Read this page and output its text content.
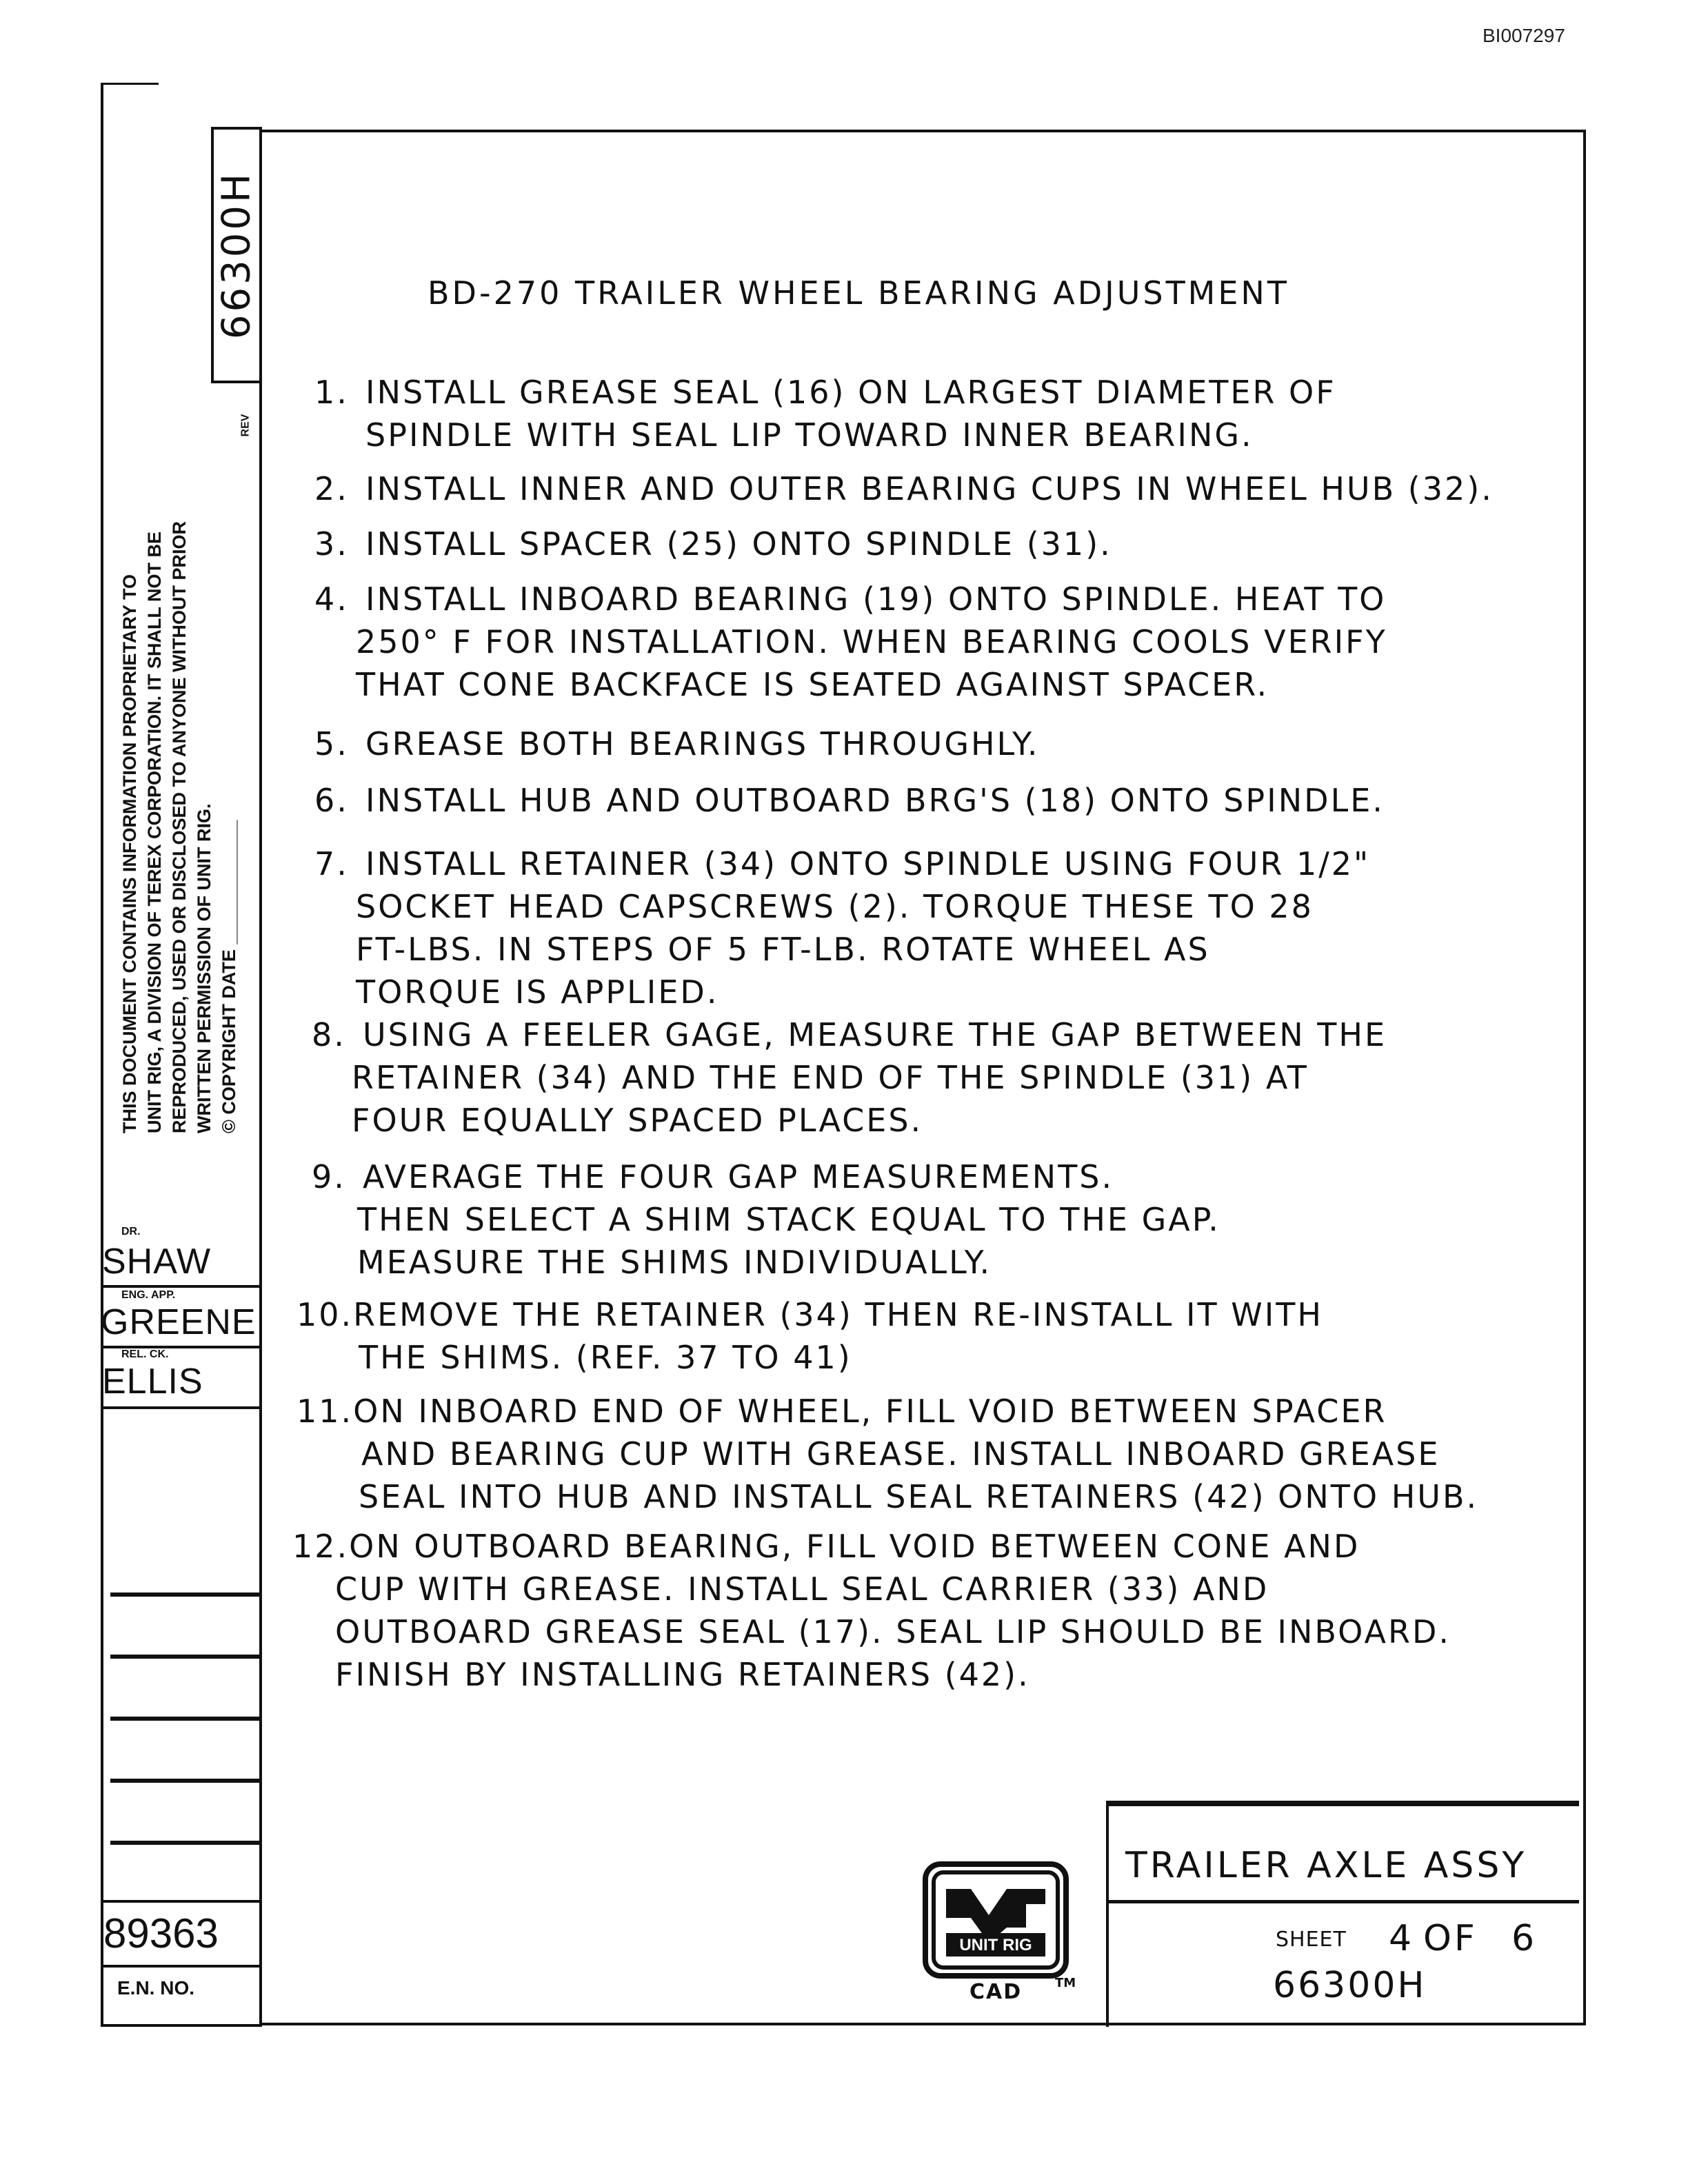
BI007297
66300H
REV
THIS DOCUMENT CONTAINS INFORMATION PROPRIETARY TO UNIT RIG, A DIVISION OF TEREX CORPORATION. IT SHALL NOT BE REPRODUCED, USED OR DISCLOSED TO ANYONE WITHOUT PRIOR WRITTEN PERMISSION OF UNIT RIG. © COPYRIGHT DATE ____________
DR.
SHAW
ENG. APP.
GREENE
REL. CK.
ELLIS
89363
E.N. NO.
BD-270 TRAILER WHEEL BEARING ADJUSTMENT
1. INSTALL GREASE SEAL (16) ON LARGEST DIAMETER OF
SPINDLE WITH SEAL LIP TOWARD INNER BEARING.
2. INSTALL INNER AND OUTER BEARING CUPS IN WHEEL HUB (32).
3. INSTALL SPACER (25) ONTO SPINDLE (31).
4. INSTALL INBOARD BEARING (19) ONTO SPINDLE. HEAT TO
250° F FOR INSTALLATION. WHEN BEARING COOLS VERIFY
THAT CONE BACKFACE IS SEATED AGAINST SPACER.
5. GREASE BOTH BEARINGS THROUGHLY.
6. INSTALL HUB AND OUTBOARD BRG'S (18) ONTO SPINDLE.
7. INSTALL RETAINER (34) ONTO SPINDLE USING FOUR 1/2"
SOCKET HEAD CAPSCREWS (2). TORQUE THESE TO 28
FT-LBS. IN STEPS OF 5 FT-LB. ROTATE WHEEL AS
TORQUE IS APPLIED.
8. USING A FEELER GAGE, MEASURE THE GAP BETWEEN THE
RETAINER (34) AND THE END OF THE SPINDLE (31) AT
FOUR EQUALLY SPACED PLACES.
9. AVERAGE THE FOUR GAP MEASUREMENTS.
THEN SELECT A SHIM STACK EQUAL TO THE GAP.
MEASURE THE SHIMS INDIVIDUALLY.
10.REMOVE THE RETAINER (34) THEN RE-INSTALL IT WITH
THE SHIMS. (REF. 37 TO 41)
11.ON INBOARD END OF WHEEL, FILL VOID BETWEEN SPACER
AND BEARING CUP WITH GREASE. INSTALL INBOARD GREASE
SEAL INTO HUB AND INSTALL SEAL RETAINERS (42) ONTO HUB.
12.ON OUTBOARD BEARING, FILL VOID BETWEEN CONE AND
CUP WITH GREASE. INSTALL SEAL CARRIER (33) AND
OUTBOARD GREASE SEAL (17). SEAL LIP SHOULD BE INBOARD.
FINISH BY INSTALLING RETAINERS (42).
UNIT RIG
CAD	TM
TRAILER AXLE ASSY
SHEET 4 OF 6
66300H
